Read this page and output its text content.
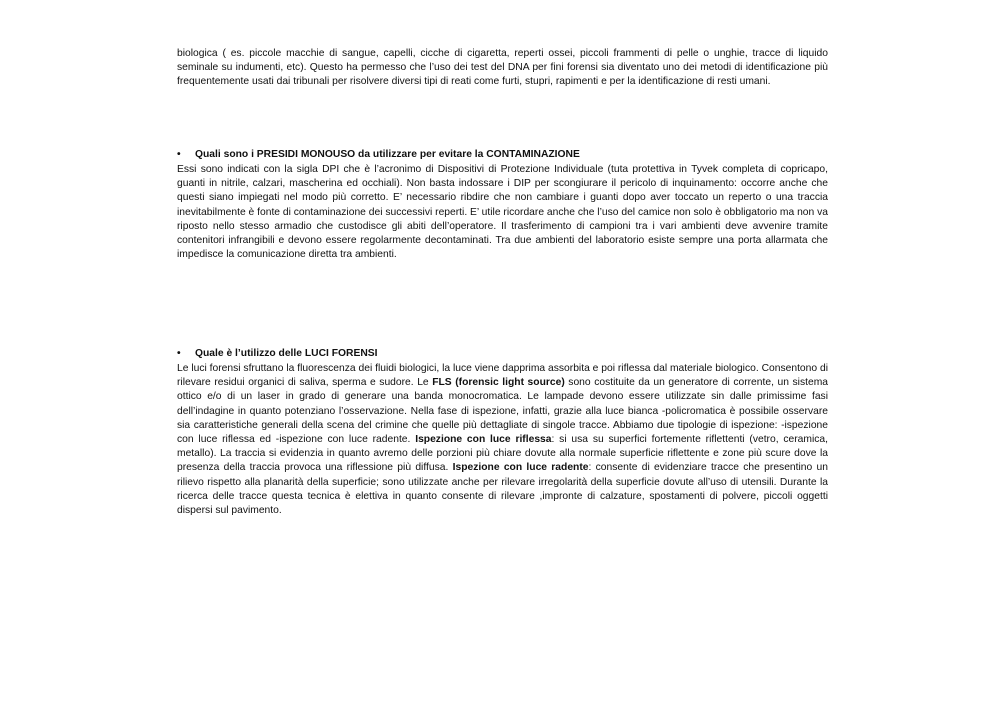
biologica ( es. piccole macchie di sangue, capelli, cicche di cigaretta, reperti ossei, piccoli frammenti di pelle o unghie, tracce di liquido seminale su indumenti, etc). Questo ha permesso che l’uso dei test del DNA per fini forensi sia diventato uno dei metodi di identificazione più frequentemente usati dai tribunali per risolvere diversi tipi di reati come furti, stupri, rapimenti e per la identificazione di resti umani.

• Quali sono i PRESIDI MONOUSO da utilizzare per evitare la CONTAMINAZIONE

Essi sono indicati con la sigla DPI che è l’acronimo di Dispositivi di Protezione Individuale (tuta protettiva in Tyvek completa di copricapo, guanti in nitrile, calzari, mascherina ed occhiali). Non basta indossare i DIP per scongiurare il pericolo di inquinamento: occorre anche che questi siano impiegati nel modo più corretto. E’ necessario ribdire che non cambiare i guanti dopo aver toccato un reperto o una traccia inevitabilmente è fonte di contaminazione dei successivi reperti. E’ utile ricordare anche che l’uso del camice non solo è obbligatorio ma non va riposto nello stesso armadio che custodisce gli abiti dell’operatore. Il trasferimento di campioni tra i vari ambienti deve avvenire tramite contenitori infrangibili e devono essere regolarmente decontaminati. Tra due ambienti del laboratorio esiste sempre una porta allarmata che impedisce la comunicazione diretta tra ambienti.

• Quale è l’utilizzo delle LUCI FORENSI

Le luci forensi sfruttano la fluorescenza dei fluidi biologici, la luce viene dapprima assorbita e poi riflessa dal materiale biologico. Consentono di rilevare residui organici di saliva, sperma e sudore. Le FLS (forensic light source) sono costituite da un generatore di corrente, un sistema ottico e/o di un laser in grado di generare una banda monocromatica. Le lampade devono essere utilizzate sin dalle primissime fasi dell’indagine in quanto potenziano l’osservazione. Nella fase di ispezione, infatti, grazie alla luce bianca -policromatica è possibile osservare sia caratteristiche generali della scena del crimine che quelle più dettagliate di singole tracce. Abbiamo due tipologie di ispezione: -ispezione con luce riflessa ed -ispezione con luce radente. Ispezione con luce riflessa: si usa su superfici fortemente riflettenti (vetro, ceramica, metallo). La traccia si evidenzia in quanto avremo delle porzioni più chiare dovute alla normale superficie riflettente e zone più scure dove la presenza della traccia provoca una riflessione più diffusa. Ispezione con luce radente: consente di evidenziare tracce che presentino un rilievo rispetto alla planarità della superficie; sono utilizzate anche per rilevare irregolarità della superficie dovute all’uso di utensili. Durante la ricerca delle tracce questa tecnica è elettiva in quanto consente di rilevare ,impronte di calzature, spostamenti di polvere, piccoli oggetti dispersi sul pavimento.
